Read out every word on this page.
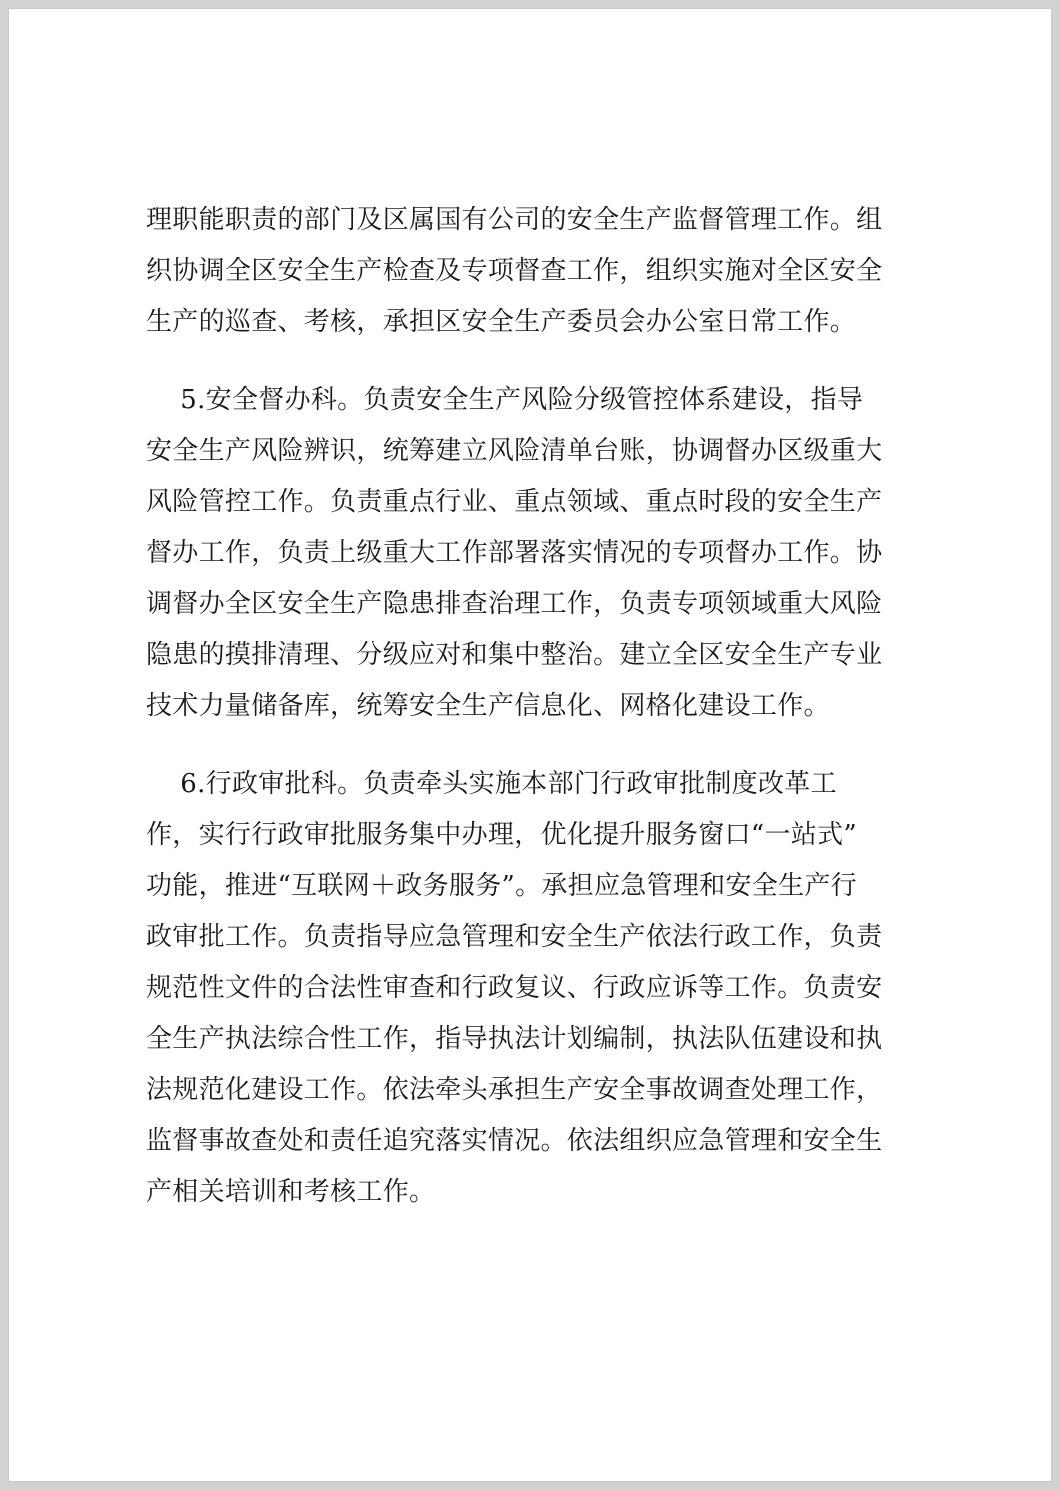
理职能职责的部门及区属国有公司的安全生产监督管理工作。组
织协调全区安全生产检查及专项督查工作，组织实施对全区安全
生产的巡查、考核，承担区安全生产委员会办公室日常工作。
5.安全督办科。负责安全生产风险分级管控体系建设，指导
安全生产风险辨识，统筹建立风险清单台账，协调督办区级重大
风险管控工作。负责重点行业、重点领域、重点时段的安全生产
督办工作，负责上级重大工作部署落实情况的专项督办工作。协
调督办全区安全生产隐患排查治理工作，负责专项领域重大风险
隐患的摸排清理、分级应对和集中整治。建立全区安全生产专业
技术力量储备库，统筹安全生产信息化、网格化建设工作。
6.行政审批科。负责牵头实施本部门行政审批制度改革工
作，实行行政审批服务集中办理，优化提升服务窗口“一站式”
功能，推进“互联网＋政务服务”。承担应急管理和安全生产行
政审批工作。负责指导应急管理和安全生产依法行政工作，负责
规范性文件的合法性审查和行政复议、行政应诉等工作。负责安
全生产执法综合性工作，指导执法计划编制，执法队伍建设和执
法规范化建设工作。依法牵头承担生产安全事故调查处理工作，
监督事故查处和责任追究落实情况。依法组织应急管理和安全生
产相关培训和考核工作。
